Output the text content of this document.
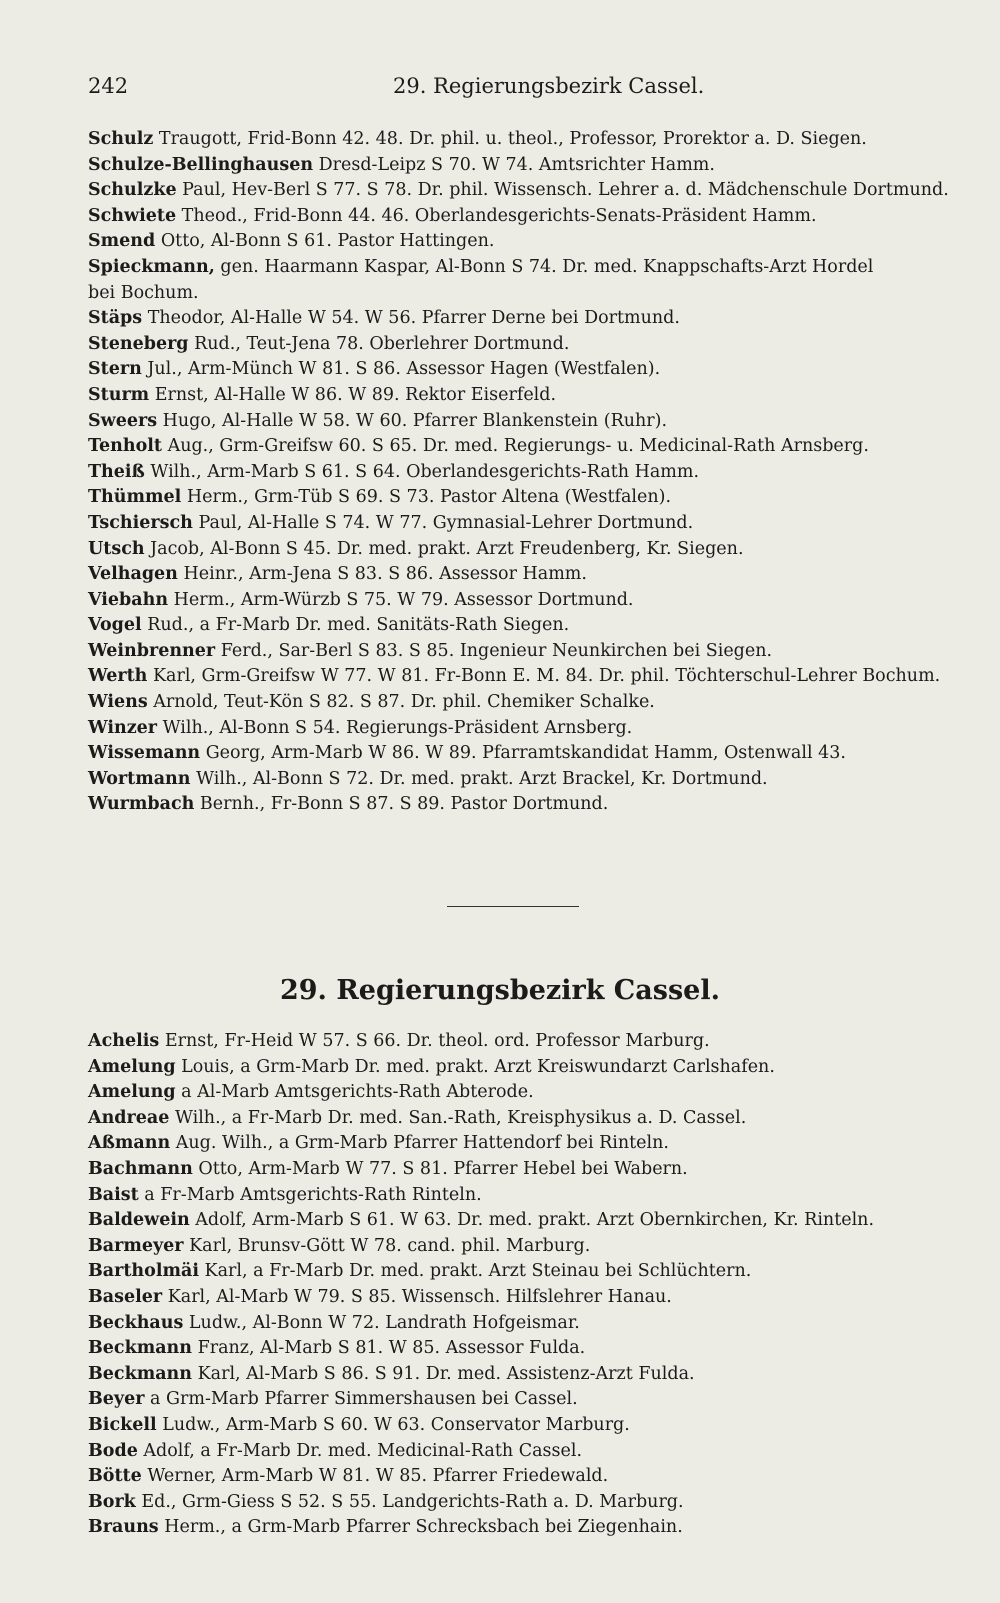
242	29. Regierungsbezirk Cassel.
Schulz Traugott, Frid-Bonn 42. 48. Dr. phil. u. theol., Professor, Prorektor a. D. Siegen.
Schulze-Bellinghausen Dresd-Leipz S 70. W 74. Amtsrichter Hamm.
Schulzke Paul, Hev-Berl S 77. S 78. Dr. phil. Wissensch. Lehrer a. d. Mädchenschule Dortmund.
Schwiete Theod., Frid-Bonn 44. 46. Oberlandesgerichts-Senats-Präsident Hamm.
Smend Otto, Al-Bonn S 61. Pastor Hattingen.
Spieckmann, gen. Haarmann Kaspar, Al-Bonn S 74. Dr. med. Knappschafts-Arzt Hordel
bei Bochum.
Stäps Theodor, Al-Halle W 54. W 56. Pfarrer Derne bei Dortmund.
Steneberg Rud., Teut-Jena 78. Oberlehrer Dortmund.
Stern Jul., Arm-Münch W 81. S 86. Assessor Hagen (Westfalen).
Sturm Ernst, Al-Halle W 86. W 89. Rektor Eiserfeld.
Sweers Hugo, Al-Halle W 58. W 60. Pfarrer Blankenstein (Ruhr).
Tenholt Aug., Grm-Greifsw 60. S 65. Dr. med. Regierungs- u. Medicinal-Rath Arnsberg.
Theiß Wilh., Arm-Marb S 61. S 64. Oberlandesgerichts-Rath Hamm.
Thümmel Herm., Grm-Tüb S 69. S 73. Pastor Altena (Westfalen).
Tschiersch Paul, Al-Halle S 74. W 77. Gymnasial-Lehrer Dortmund.
Utsch Jacob, Al-Bonn S 45. Dr. med. prakt. Arzt Freudenberg, Kr. Siegen.
Velhagen Heinr., Arm-Jena S 83. S 86. Assessor Hamm.
Viebahn Herm., Arm-Würzb S 75. W 79. Assessor Dortmund.
Vogel Rud., a Fr-Marb Dr. med. Sanitäts-Rath Siegen.
Weinbrenner Ferd., Sar-Berl S 83. S 85. Ingenieur Neunkirchen bei Siegen.
Werth Karl, Grm-Greifsw W 77. W 81. Fr-Bonn E. M. 84. Dr. phil. Töchterschul-Lehrer Bochum.
Wiens Arnold, Teut-Kön S 82. S 87. Dr. phil. Chemiker Schalke.
Winzer Wilh., Al-Bonn S 54. Regierungs-Präsident Arnsberg.
Wissemann Georg, Arm-Marb W 86. W 89. Pfarramtskandidat Hamm, Ostenwall 43.
Wortmann Wilh., Al-Bonn S 72. Dr. med. prakt. Arzt Brackel, Kr. Dortmund.
Wurmbach Bernh., Fr-Bonn S 87. S 89. Pastor Dortmund.
29. Regierungsbezirk Cassel.
Achelis Ernst, Fr-Heid W 57. S 66. Dr. theol. ord. Professor Marburg.
Amelung Louis, a Grm-Marb Dr. med. prakt. Arzt Kreiswundarzt Carlshafen.
Amelung a Al-Marb Amtsgerichts-Rath Abterode.
Andreae Wilh., a Fr-Marb Dr. med. San.-Rath, Kreisphysikus a. D. Cassel.
Aßmann Aug. Wilh., a Grm-Marb Pfarrer Hattendorf bei Rinteln.
Bachmann Otto, Arm-Marb W 77. S 81. Pfarrer Hebel bei Wabern.
Baist a Fr-Marb Amtsgerichts-Rath Rinteln.
Baldewein Adolf, Arm-Marb S 61. W 63. Dr. med. prakt. Arzt Obernkirchen, Kr. Rinteln.
Barmeyer Karl, Brunsv-Gött W 78. cand. phil. Marburg.
Bartholmäi Karl, a Fr-Marb Dr. med. prakt. Arzt Steinau bei Schlüchtern.
Baseler Karl, Al-Marb W 79. S 85. Wissensch. Hilfslehrer Hanau.
Beckhaus Ludw., Al-Bonn W 72. Landrath Hofgeismar.
Beckmann Franz, Al-Marb S 81. W 85. Assessor Fulda.
Beckmann Karl, Al-Marb S 86. S 91. Dr. med. Assistenz-Arzt Fulda.
Beyer a Grm-Marb Pfarrer Simmershausen bei Cassel.
Bickell Ludw., Arm-Marb S 60. W 63. Conservator Marburg.
Bode Adolf, a Fr-Marb Dr. med. Medicinal-Rath Cassel.
Bötte Werner, Arm-Marb W 81. W 85. Pfarrer Friedewald.
Bork Ed., Grm-Giess S 52. S 55. Landgerichts-Rath a. D. Marburg.
Brauns Herm., a Grm-Marb Pfarrer Schrecksbach bei Ziegenhain.
